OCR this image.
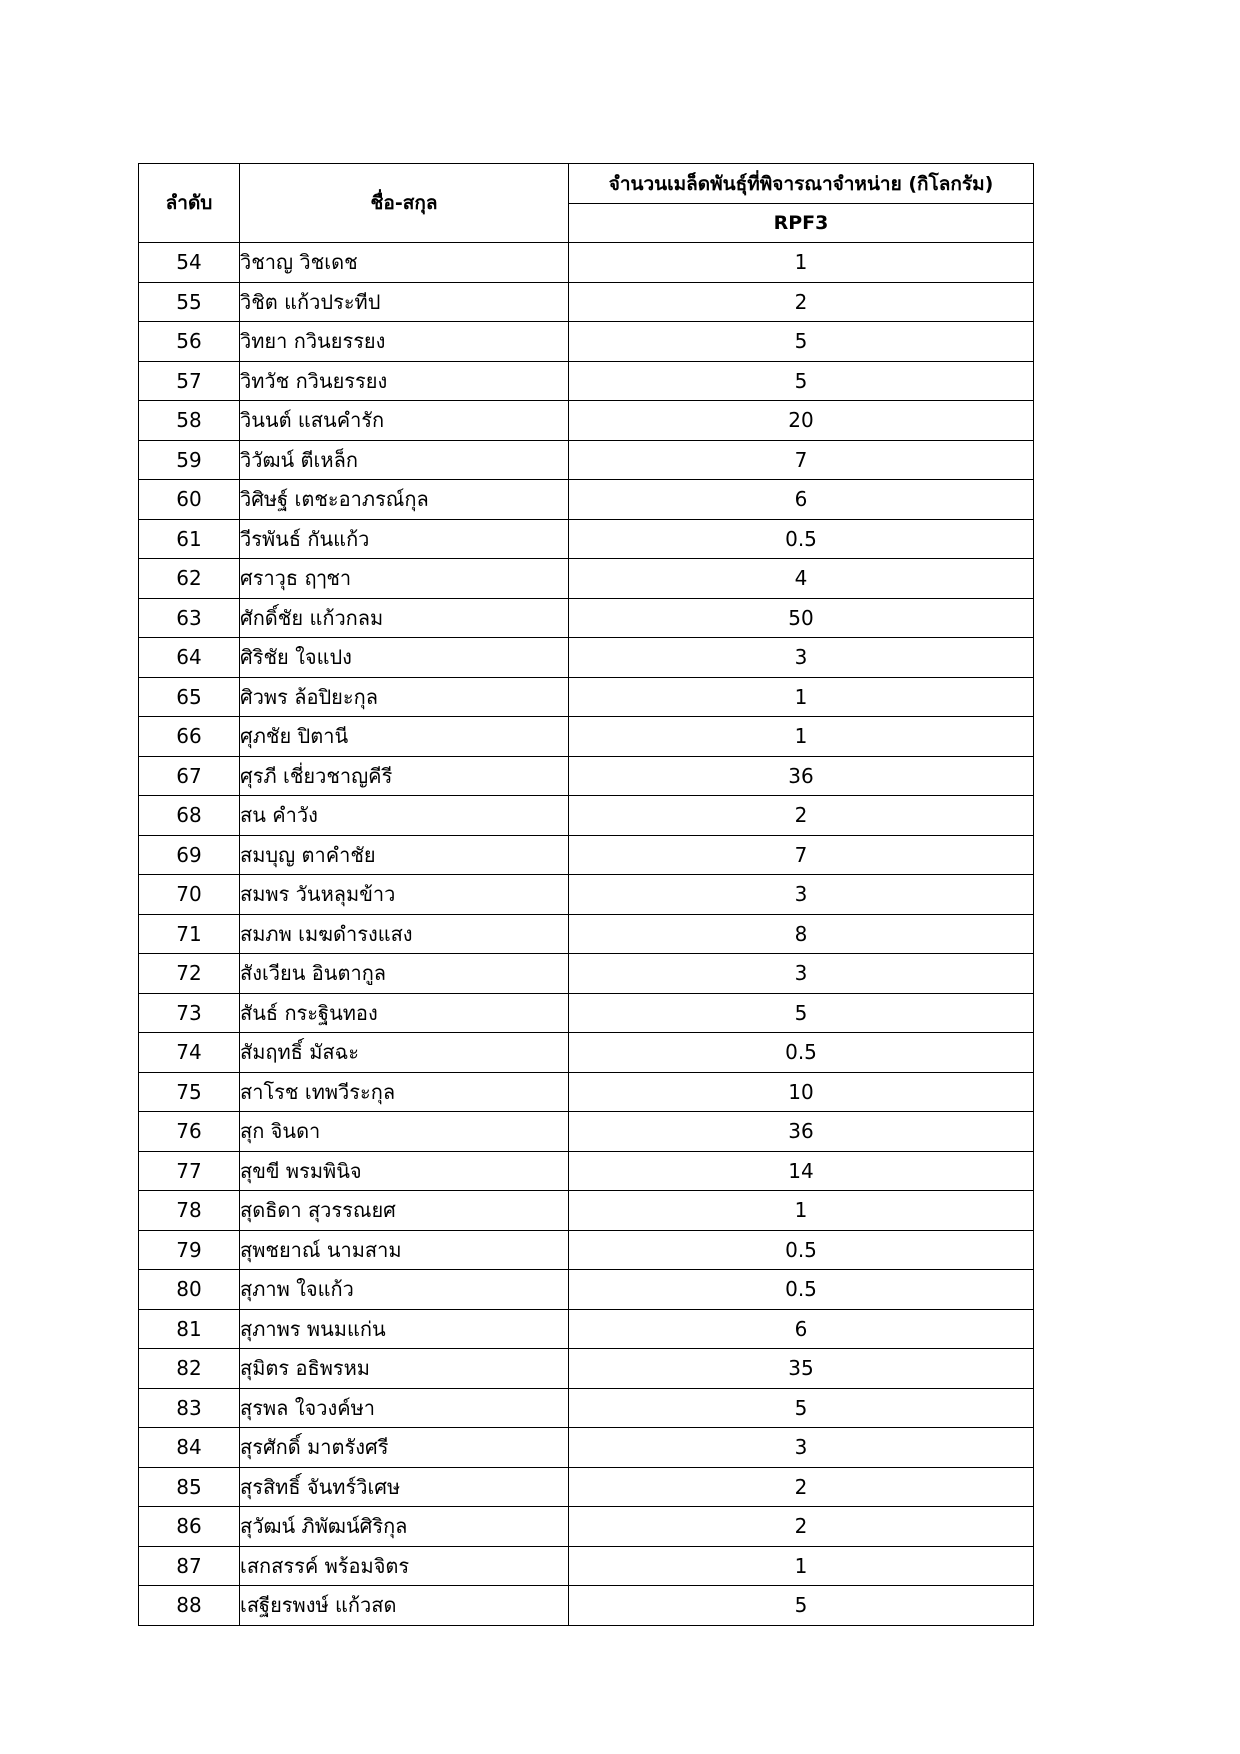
ลำดับ	ชื่อ-สกุล	จำนวนเมล็ดพันธุ์ที่พิจารณาจำหน่าย (กิโลกรัม)
		RPF3
54	วิชาญ วิชเดช	1
55	วิชิต แก้วประทีป	2
56	วิทยา กวินยรรยง	5
57	วิทวัช กวินยรรยง	5
58	วินนต์ แสนคำรัก	20
59	วิวัฒน์ ตีเหล็ก	7
60	วิศิษฐ์ เตชะอาภรณ์กุล	6
61	วีรพันธ์ กันแก้ว	0.5
62	ศราวุธ ฤๅชา	4
63	ศักดิ์ชัย แก้วกลม	50
64	ศิริชัย ใจแปง	3
65	ศิวพร ล้อปิยะกุล	1
66	ศุภชัย ปิตานี	1
67	ศุรภี เชี่ยวชาญคีรี	36
68	สน คำวัง	2
69	สมบุญ ตาคำชัย	7
70	สมพร วันหลุมข้าว	3
71	สมภพ เมฆดำรงแสง	8
72	สังเวียน อินตากูล	3
73	สันธ์ กระฐินทอง	5
74	สัมฤทธิ์ มัสฉะ	0.5
75	สาโรช เทพวีระกุล	10
76	สุก จินดา	36
77	สุขขี พรมพินิจ	14
78	สุดธิดา สุวรรณยศ	1
79	สุพชยาณ์ นามสาม	0.5
80	สุภาพ ใจแก้ว	0.5
81	สุภาพร พนมแก่น	6
82	สุมิตร อธิพรหม	35
83	สุรพล ใจวงค์ษา	5
84	สุรศักดิ์ มาตรังศรี	3
85	สุรสิทธิ์ จันทร์วิเศษ	2
86	สุวัฒน์ ภิพัฒน์ศิริกุล	2
87	เสกสรรค์ พร้อมจิตร	1
88	เสฐียรพงษ์ แก้วสด	5
